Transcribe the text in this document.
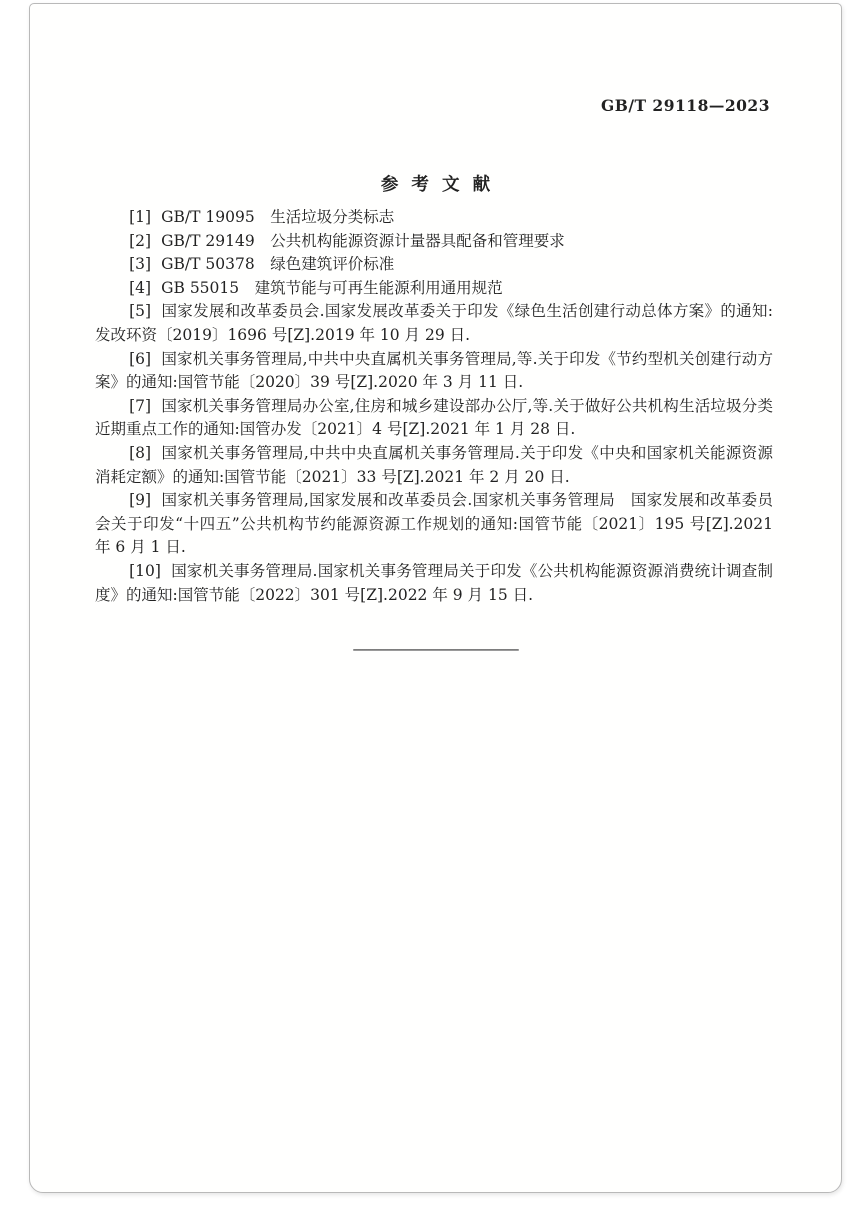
GB/T 29118—2023
参考文献

[1] GB/T 19095　生活垃圾分类标志

[2] GB/T 29149　公共机构能源资源计量器具配备和管理要求

[3] GB/T 50378　绿色建筑评价标准

[4] GB 55015　建筑节能与可再生能源利用通用规范

[5] 国家发展和改革委员会.国家发展改革委关于印发《绿色生活创建行动总体方案》的通知:发改环资〔2019〕1696 号[Z].2019 年 10 月 29 日.

[6] 国家机关事务管理局,中共中央直属机关事务管理局,等.关于印发《节约型机关创建行动方案》的通知:国管节能〔2020〕39 号[Z].2020 年 3 月 11 日.

[7] 国家机关事务管理局办公室,住房和城乡建设部办公厅,等.关于做好公共机构生活垃圾分类近期重点工作的通知:国管办发〔2021〕4 号[Z].2021 年 1 月 28 日.

[8] 国家机关事务管理局,中共中央直属机关事务管理局.关于印发《中央和国家机关能源资源消耗定额》的通知:国管节能〔2021〕33 号[Z].2021 年 2 月 20 日.

[9] 国家机关事务管理局,国家发展和改革委员会.国家机关事务管理局　国家发展和改革委员会关于印发“十四五”公共机构节约能源资源工作规划的通知:国管节能〔2021〕195 号[Z].2021 年 6 月 1 日.

[10] 国家机关事务管理局.国家机关事务管理局关于印发《公共机构能源资源消费统计调查制度》的通知:国管节能〔2022〕301 号[Z].2022 年 9 月 15 日.
